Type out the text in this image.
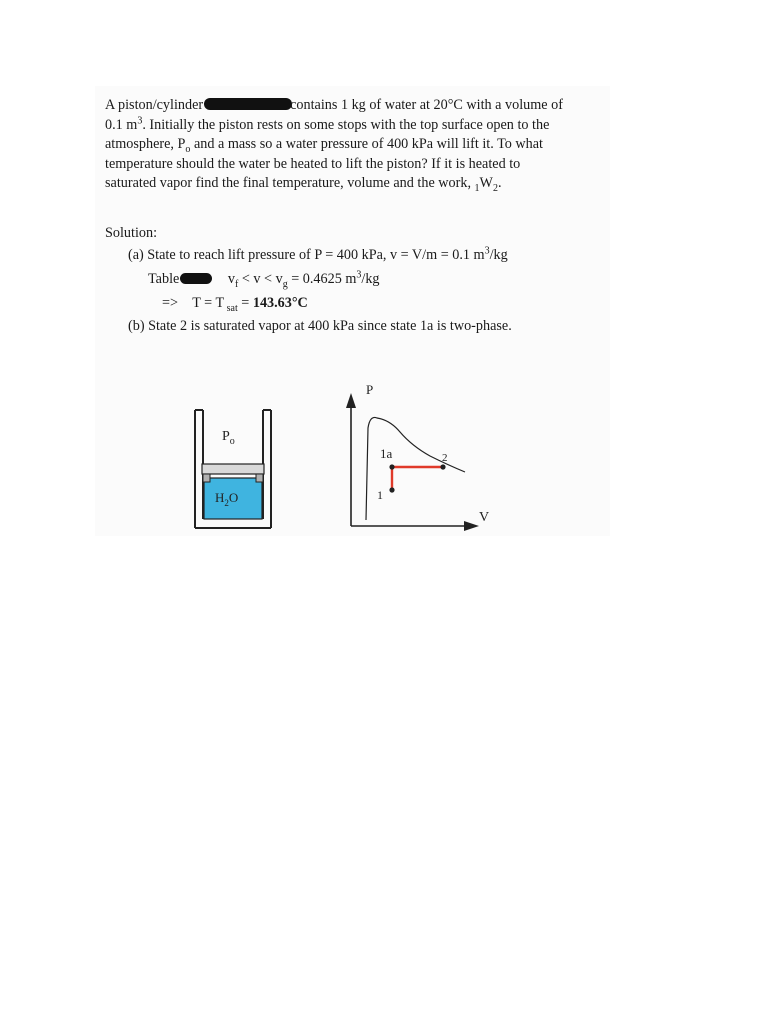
A piston/cylinder	contains 1 kg of water at 20°C with a volume of
0.1 $m^3$. Initially the piston rests on some stops with the top surface open to the
atmosphere, $P_o$ and a mass so a water pressure of 400 kPa will lift it. To what
temperature should the water be heated to lift the piston? If it is heated to
saturated vapor find the final temperature, volume and the work, $_1W_2$.
Solution:
(a) State to reach lift pressure of P = 400 kPa, v = V/m = 0.1 $m^3/kg$
Table	$v_f < v < v_g = 0.4625$ $m^3/kg$
=> T = T $_{sat}$ = 143.63°C
(b) State 2 is saturated vapor at 400 kPa since state 1a is two-phase.
$P_o$
$H_2O$
P
V
1a	2
1
